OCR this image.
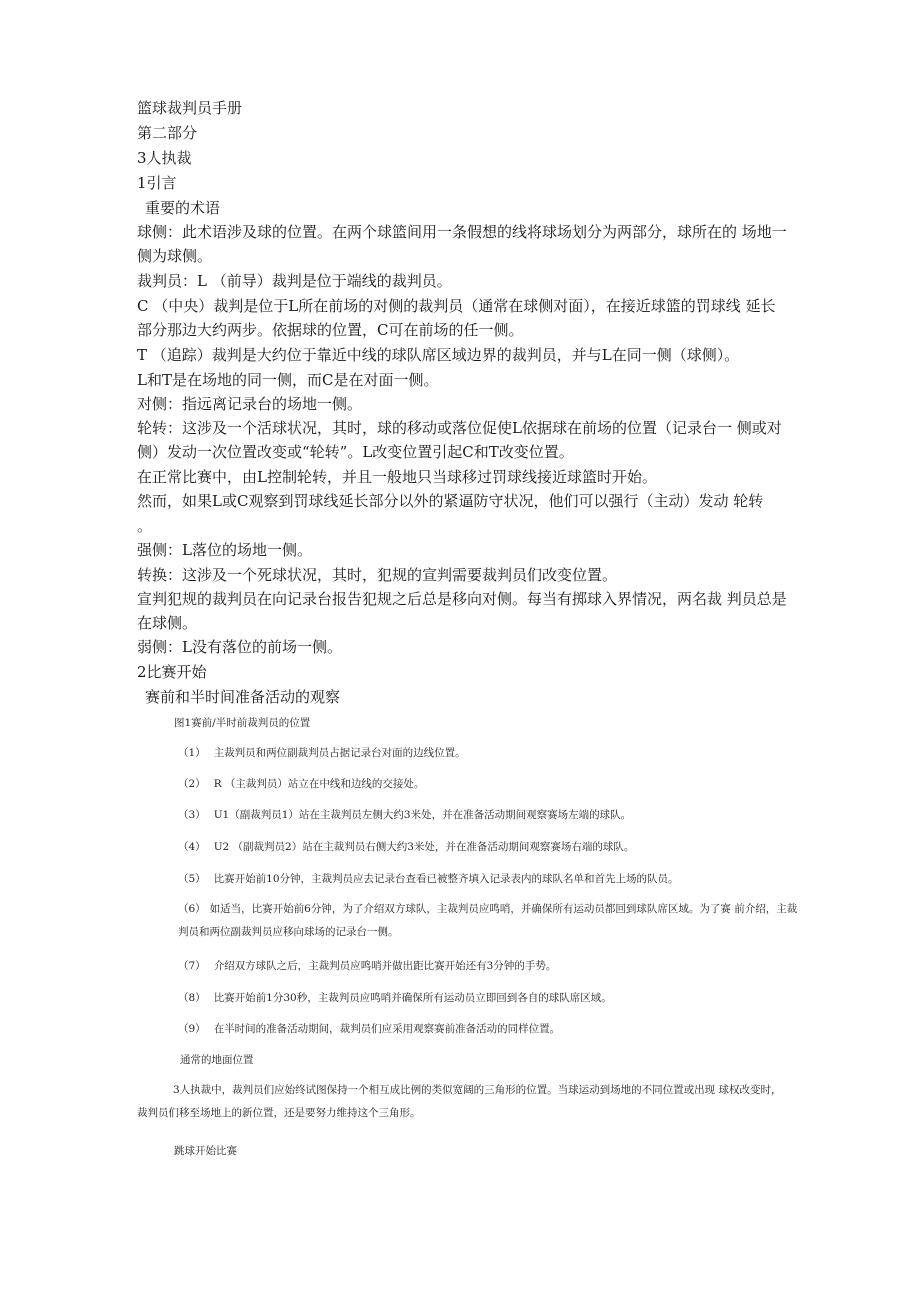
篮球裁判员手册
第二部分
3人执裁
1引言
重要的术语
球侧：此术语涉及球的位置。在两个球篮间用一条假想的线将球场划分为两部分，球所在的 场地一侧为球侧。
裁判员：L （前导）裁判是位于端线的裁判员。
C （中央）裁判是位于L所在前场的对侧的裁判员（通常在球侧对面），在接近球篮的罚球线 延长部分那边大约两步。依据球的位置，C可在前场的任一侧。
T （追踪）裁判是大约位于靠近中线的球队席区域边界的裁判员，并与L在同一侧（球侧）。
L和T是在场地的同一侧，而C是在对面一侧。
对侧：指远离记录台的场地一侧。
轮转：这涉及一个活球状况，其时，球的移动或落位促使L依据球在前场的位置（记录台一 侧或对侧）发动一次位置改变或“轮转”。L改变位置引起C和T改变位置。
在正常比赛中，由L控制轮转，并且一般地只当球移过罚球线接近球篮时开始。
然而，如果L或C观察到罚球线延长部分以外的紧逼防守状况，他们可以强行（主动）发动 轮转
。
强侧：L落位的场地一侧。
转换：这涉及一个死球状况，其时，犯规的宣判需要裁判员们改变位置。
宣判犯规的裁判员在向记录台报告犯规之后总是移向对侧。每当有掷球入界情况，两名裁 判员总是在球侧。
弱侧：L没有落位的前场一侧。
2比赛开始
赛前和半时间准备活动的观察
图1赛前/半时前裁判员的位置
（1） 主裁判员和两位副裁判员占据记录台对面的边线位置。
（2） R （主裁判员）站立在中线和边线的交接处。
（3） U1（副裁判员1）站在主裁判员左侧大约3米处，并在准备活动期间观察赛场左端的球队。
（4） U2 （副裁判员2）站在主裁判员右侧大约3米处，并在准备活动期间观察赛场右端的球队。
（5） 比赛开始前10分钟，主裁判员应去记录台查看已被整齐填入记录表内的球队名单和首先上场的队员。
（6） 如适当，比赛开始前6分钟，为了介绍双方球队，主裁判员应鸣哨，并确保所有运动员都回到球队席区域。为了赛 前介绍，主裁判员和两位副裁判员应移向球场的记录台一侧。
（7） 介绍双方球队之后，主裁判员应鸣哨并做出距比赛开始还有3分钟的手势。
（8） 比赛开始前1分30秒，主裁判员应鸣哨并确保所有运动员立即回到各自的球队席区域。
（9） 在半时间的准备活动期间，裁判员们应采用观察赛前准备活动的同样位置。
通常的地面位置
3人执裁中，裁判员们应始终试图保持一个相互成比例的类似宽阔的三角形的位置。当球运动到场地的不同位置或出现 球权改变时，裁判员们移至场地上的新位置，还是要努力维持这个三角形。
跳球开始比赛
